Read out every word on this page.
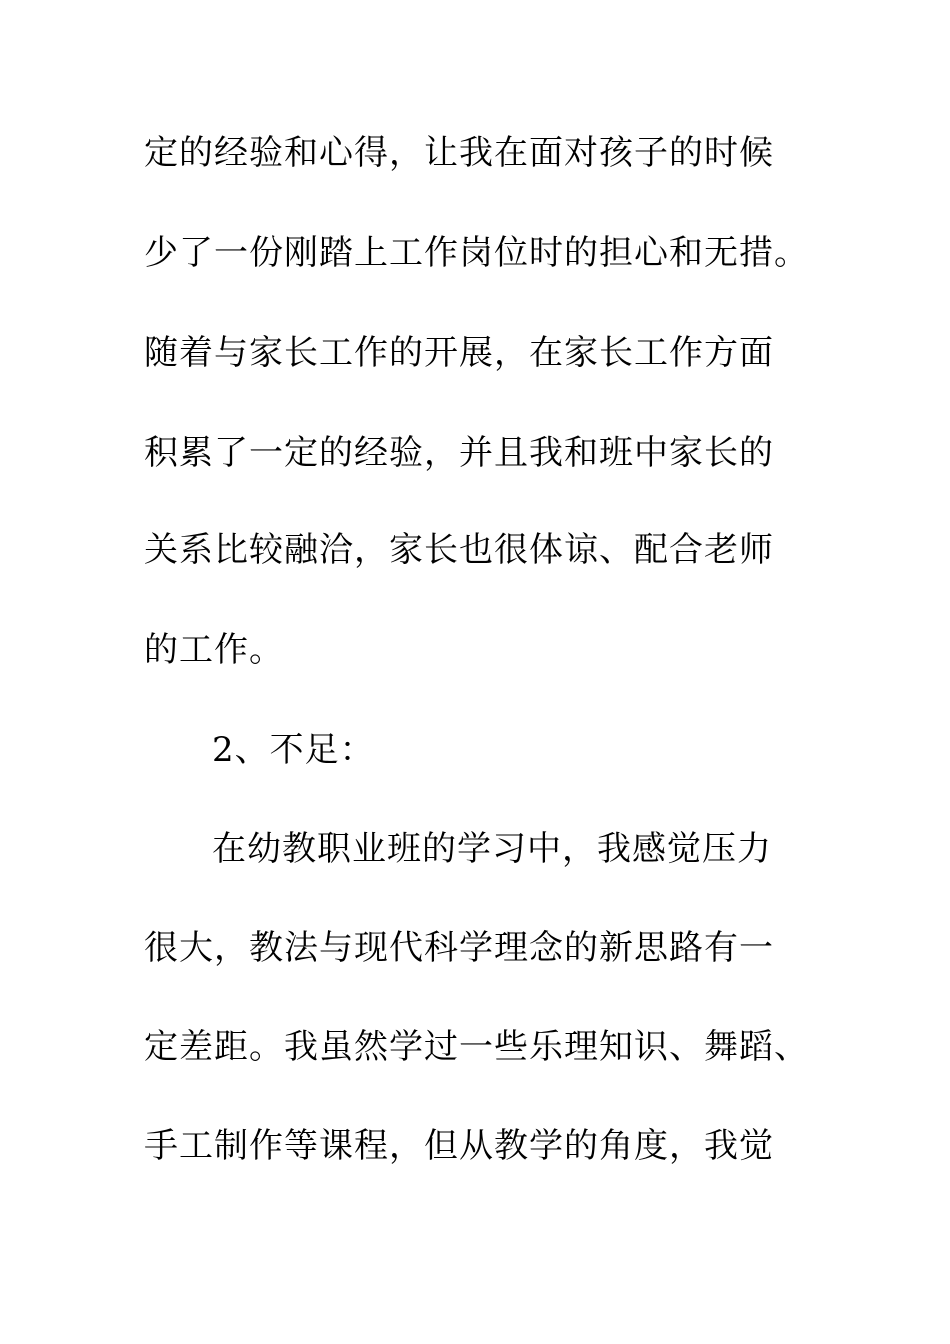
定的经验和心得，让我在面对孩子的时候
少了一份刚踏上工作岗位时的担心和无措。
随着与家长工作的开展，在家长工作方面
积累了一定的经验，并且我和班中家长的
关系比较融洽，家长也很体谅、配合老师
的工作。
2、不足：
在幼教职业班的学习中，我感觉压力
很大，教法与现代科学理念的新思路有一
定差距。我虽然学过一些乐理知识、舞蹈、
手工制作等课程，但从教学的角度，我觉
